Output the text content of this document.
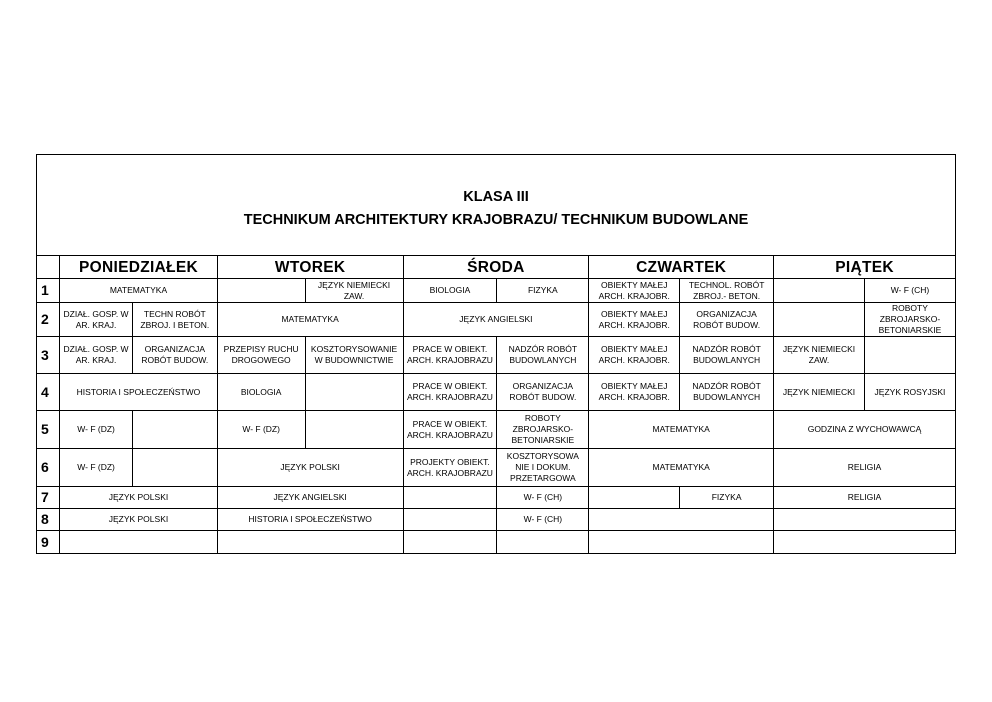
KLASA III
TECHNIKUM ARCHITEKTURY KRAJOBRAZU/ TECHNIKUM BUDOWLANE										

	PONIEDZIAŁEK		WTOREK		ŚRODA		CZWARTEK		PIĄTEK	
1	MATEMATYKA			JĘZYK NIEMIECKI ZAW.	BIOLOGIA	FIZYKA	OBIEKTY MAŁEJ ARCH. KRAJOBR.	TECHNOL. ROBÓT ZBROJ.- BETON.		W- F (CH)
2	DZIAŁ. GOSP. W AR. KRAJ.	TECHN ROBÓT ZBROJ. I BETON.	MATEMATYKA		JĘZYK ANGIELSKI		OBIEKTY MAŁEJ ARCH. KRAJOBR.	ORGANIZACJA ROBÓT BUDOW.		ROBOTY ZBROJARSKO-BETONIARSKIE
3	DZIAŁ. GOSP. W AR. KRAJ.	ORGANIZACJA ROBÓT BUDOW.	PRZEPISY RUCHU DROGOWEGO	KOSZTORYSOWANIE W BUDOWNICTWIE	PRACE W OBIEKT. ARCH. KRAJOBRAZU	NADZÓR ROBÓT BUDOWLANYCH	OBIEKTY MAŁEJ ARCH. KRAJOBR.	NADZÓR ROBÓT BUDOWLANYCH	JĘZYK NIEMIECKI ZAW.	
4	HISTORIA I SPOŁECZEŃSTWO		BIOLOGIA		PRACE W OBIEKT. ARCH. KRAJOBRAZU	ORGANIZACJA ROBÓT BUDOW.	OBIEKTY MAŁEJ ARCH. KRAJOBR.	NADZÓR ROBÓT BUDOWLANYCH	JĘZYK NIEMIECKI	JĘZYK ROSYJSKI
5	W- F (DZ)		W- F (DZ)		PRACE W OBIEKT. ARCH. KRAJOBRAZU	ROBOTY ZBROJARSKO-BETONIARSKIE	MATEMATYKA		GODZINA Z WYCHOWAWCĄ	
6	W- F (DZ)		JĘZYK POLSKI		PROJEKTY OBIEKT. ARCH. KRAJOBRAZU	KOSZTORYSOWA NIE I DOKUM. PRZETARGOWA	MATEMATYKA		RELIGIA	
7	JĘZYK POLSKI		JĘZYK ANGIELSKI			W- F (CH)		FIZYKA	RELIGIA	
8	JĘZYK POLSKI		HISTORIA I SPOŁECZEŃSTWO			W- F (CH)				
9										
